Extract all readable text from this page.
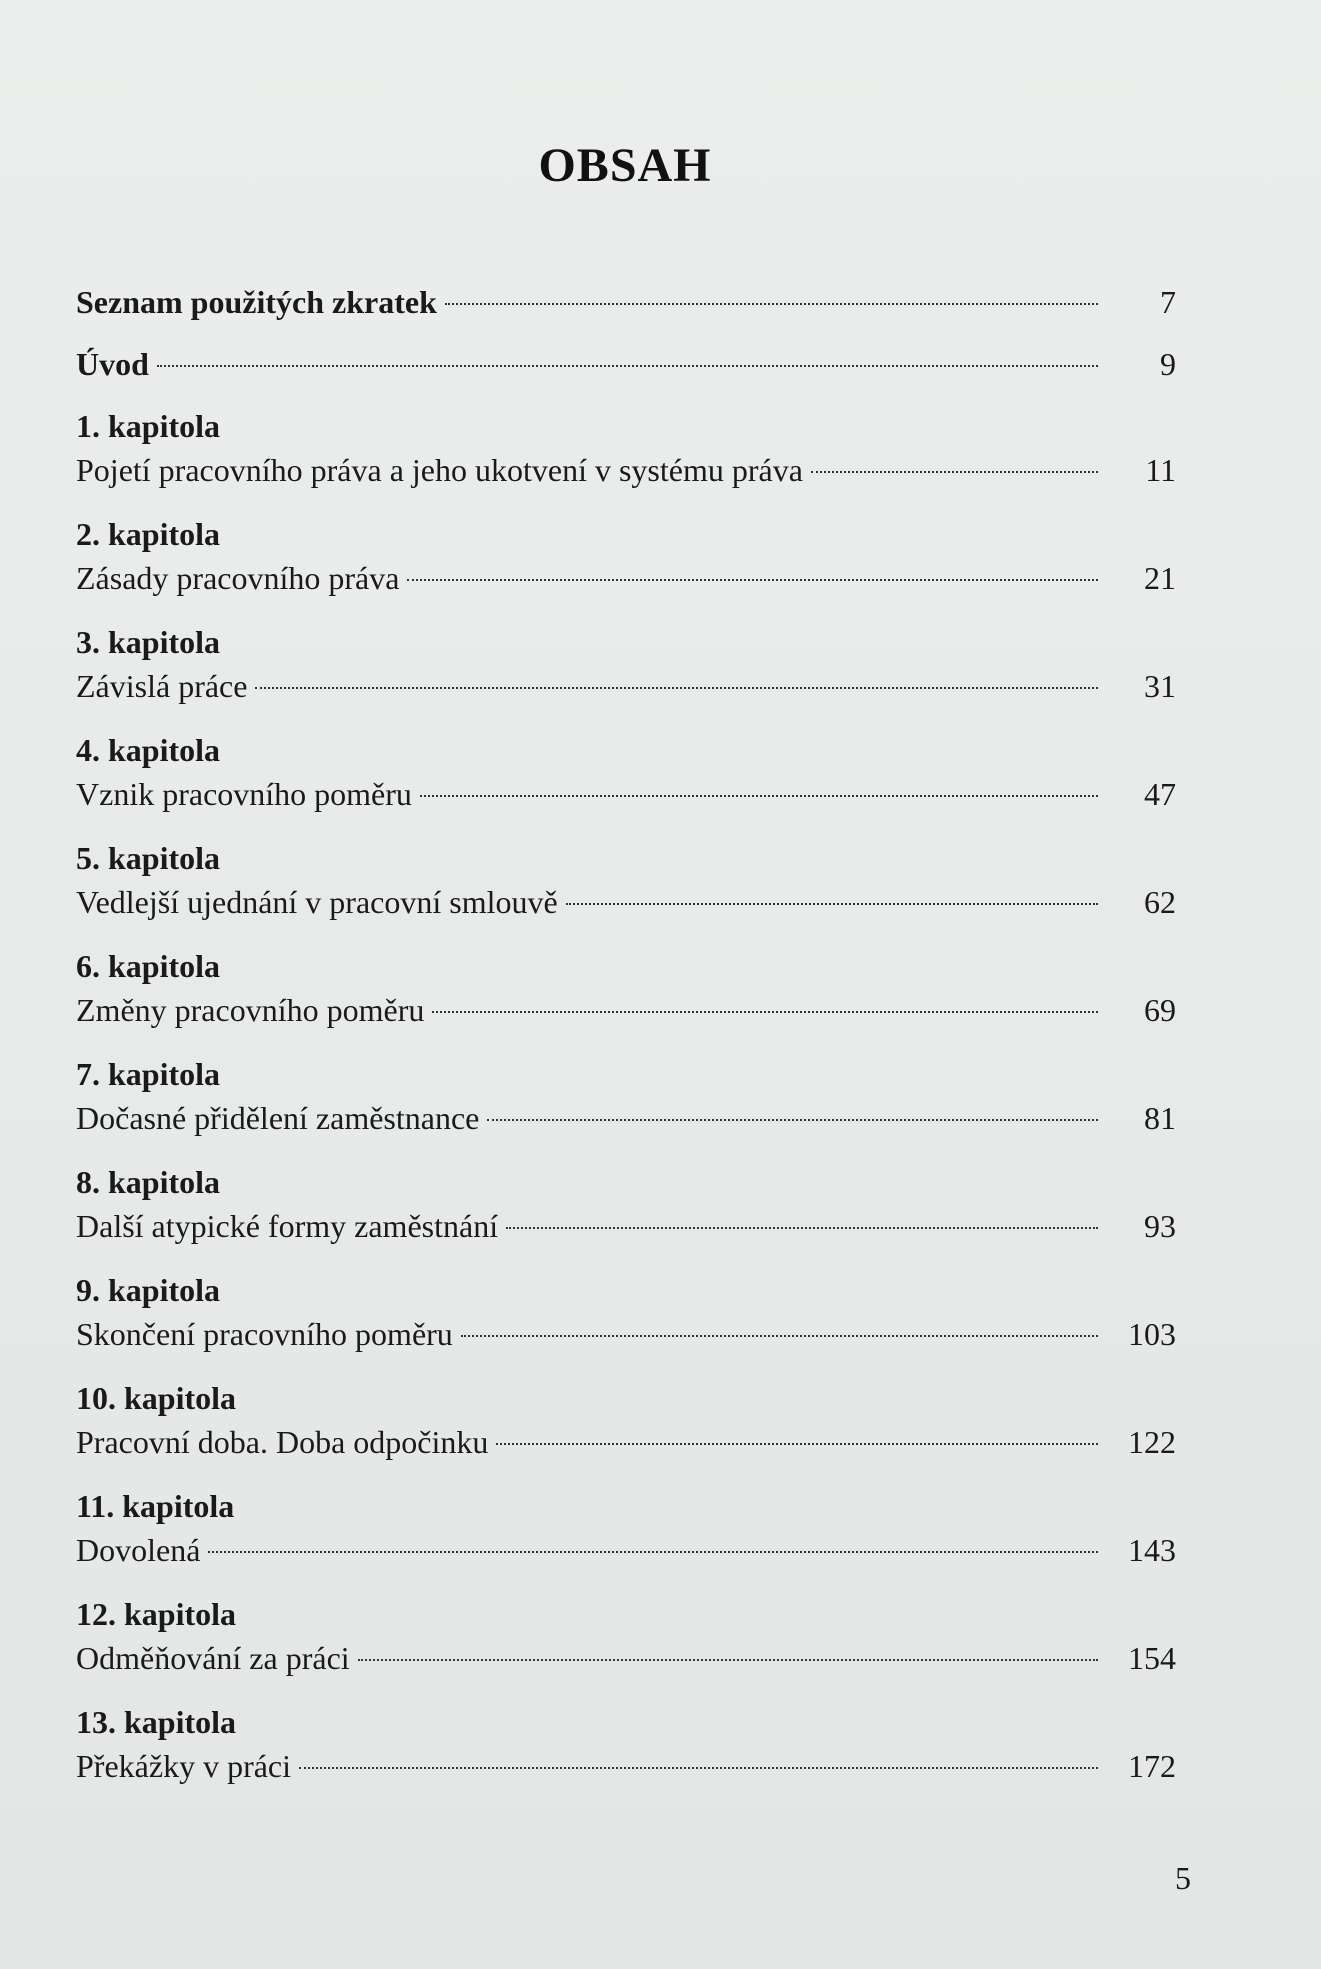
OBSAH
Seznam použitých zkratek	7
Úvod	9
1. kapitola
Pojetí pracovního práva a jeho ukotvení v systému práva	11
2. kapitola
Zásady pracovního práva	21
3. kapitola
Závislá práce	31
4. kapitola
Vznik pracovního poměru	47
5. kapitola
Vedlejší ujednání v pracovní smlouvě	62
6. kapitola
Změny pracovního poměru	69
7. kapitola
Dočasné přidělení zaměstnance	81
8. kapitola
Další atypické formy zaměstnání	93
9. kapitola
Skončení pracovního poměru	103
10. kapitola
Pracovní doba. Doba odpočinku	122
11. kapitola
Dovolená	143
12. kapitola
Odměňování za práci	154
13. kapitola
Překážky v práci	172
5
